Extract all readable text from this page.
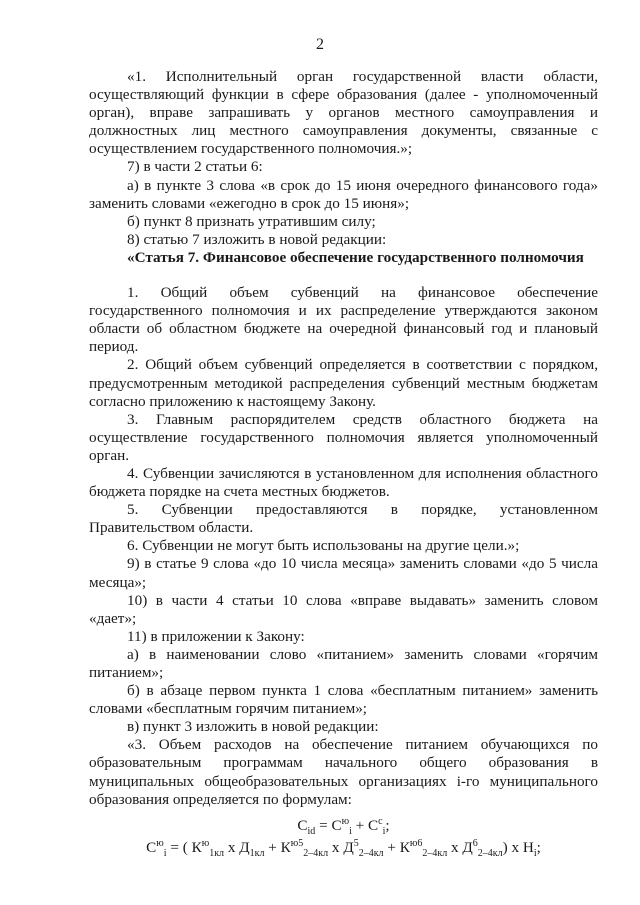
2

«1. Исполнительный орган государственной власти области, осуществляющий функции в сфере образования (далее - уполномоченный орган), вправе запрашивать у органов местного самоуправления и должностных лиц местного самоуправления документы, связанные с осуществлением государственного полномочия.»;

7) в части 2 статьи 6:

а) в пункте 3 слова «в срок до 15 июня очередного финансового года» заменить словами «ежегодно в срок до 15 июня»;

б) пункт 8 признать утратившим силу;

8) статью 7 изложить в новой редакции:

«Статья 7. Финансовое обеспечение государственного полномочия

1. Общий объем субвенций на финансовое обеспечение государственного полномочия и их распределение утверждаются законом области об областном бюджете на очередной финансовый год и плановый период.

2. Общий объем субвенций определяется в соответствии с порядком, предусмотренным методикой распределения субвенций местным бюджетам согласно приложению к настоящему Закону.

3. Главным распорядителем средств областного бюджета на осуществление государственного полномочия является уполномоченный орган.

4. Субвенции зачисляются в установленном для исполнения областного бюджета порядке на счета местных бюджетов.

5. Субвенции предоставляются в порядке, установленном Правительством области.

6. Субвенции не могут быть использованы на другие цели.»;

9) в статье 9 слова «до 10 числа месяца» заменить словами «до 5 числа месяца»;

10) в части 4 статьи 10 слова «вправе выдавать» заменить словом «дает»;

11) в приложении к Закону:

а) в наименовании слово «питанием» заменить словами «горячим питанием»;

б) в абзаце первом пункта 1 слова «бесплатным питанием» заменить словами «бесплатным горячим питанием»;

в) пункт 3 изложить в новой редакции:

«3. Объем расходов на обеспечение питанием обучающихся по образовательным программам начального общего образования в муниципальных общеобразовательных организациях i-го муниципального образования определяется по формулам:

$C_{id} = C^ю_i + C^c_i$;

$C^ю_i$ = ( $К^ю_{1кл}$ x $Д_{1кл} + К^{ю5}_{2-4кл}$ x $Д^5_{2-4кл} + К^{ю6}_{2-4кл}$ x $Д^6_{2-4кл}$) x $Н_i$;
